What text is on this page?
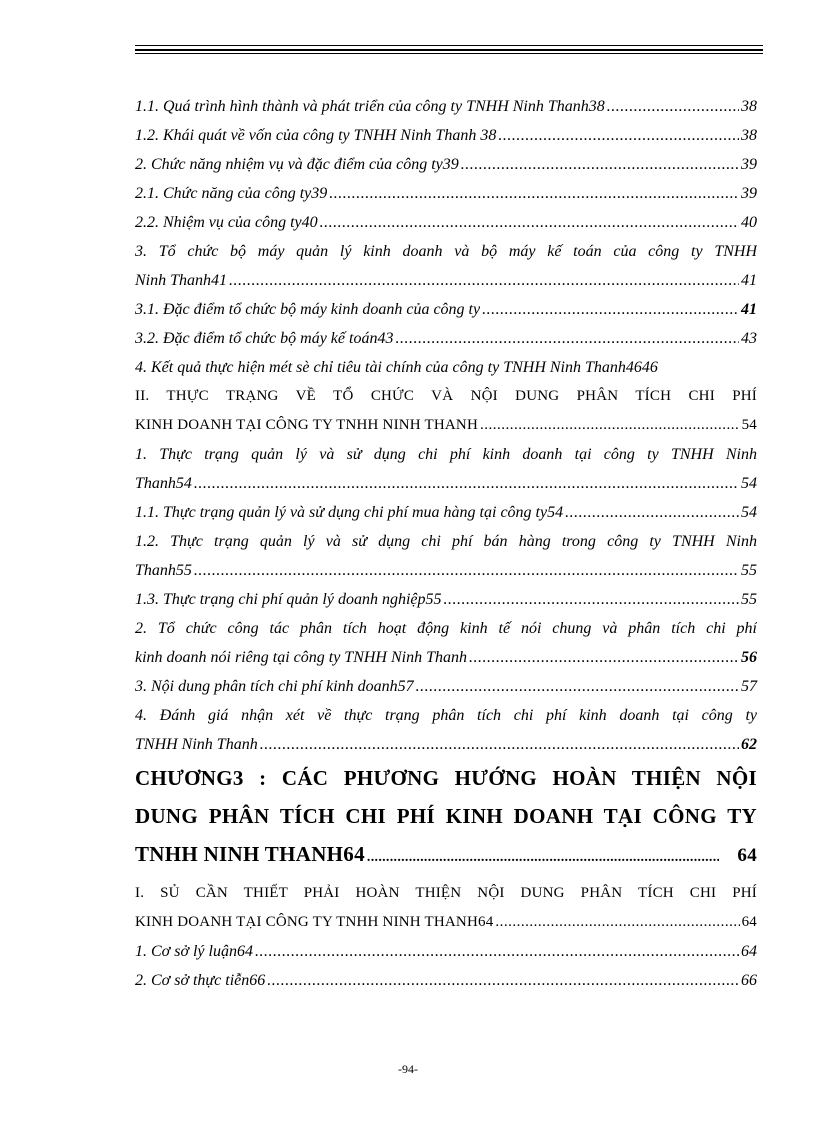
1.1. Quá trình hình thành và phát triển của công ty TNHH Ninh Thanh38 .....	38
1.2. Khái quát về vốn của công ty TNHH Ninh Thanh 38 .....	38
2. Chức năng nhiệm vụ và đặc điểm của công ty39 .....	39
2.1. Chức năng của công ty39 .....	39
2.2. Nhiệm vụ của công ty40 .....	40
3. Tổ chức bộ máy quản lý kinh doanh và bộ máy kế toán của công ty TNHH
Ninh Thanh41 .....	41
3.1. Đặc điểm tổ chức bộ máy kinh doanh của công ty .....	41
3.2. Đặc điểm tổ chức bộ máy kế toán43 .....	43
4. Kết quả thực hiện mét sè chỉ tiêu tài chính của công ty TNHH Ninh Thanh4646
II. THỰC TRẠNG VỀ TỔ CHỨC VÀ NỘI DUNG PHÂN TÍCH CHI PHÍ
KINH DOANH TẠI CÔNG TY TNHH NINH THANH .....	54
1. Thực trạng quản lý và sử dụng chi phí kinh doanh tại công ty TNHH Ninh
Thanh54 .....	54
1.1. Thực trạng quản lý và sử dụng chi phí mua hàng tại công ty54 .....	54
1.2. Thực trạng quản lý và sử dụng chi phí bán hàng trong công ty TNHH Ninh
Thanh55 .....	55
1.3. Thực trạng chi phí quản lý doanh nghiệp55 .....	55
2. Tổ chức công tác phân tích hoạt động kinh tế nói chung và phân tích chi phí
kinh doanh nói riêng tại công ty TNHH Ninh Thanh .....	56
3. Nội dung phân tích chi phí kinh doanh57 .....	57
4. Đánh giá nhận xét về thực trạng phân tích chi phí kinh doanh tại công ty
TNHH Ninh Thanh .....	62
CHƯƠNG3 : CÁC PHƯƠNG HƯỚNG HOÀN THIỆN NỘI
DUNG PHÂN TÍCH CHI PHÍ KINH DOANH TẠI CÔNG TY
TNHH NINH THANH64 .....	64
I. SỦ CẦN THIẾT PHẢI HOÀN THIỆN NỘI DUNG PHÂN TÍCH CHI PHÍ
KINH DOANH TẠI CÔNG TY TNHH NINH THANH64 .....	64
1. Cơ sở lý luận64 .....	64
2. Cơ sở thực tiễn66 .....	66
-94-
